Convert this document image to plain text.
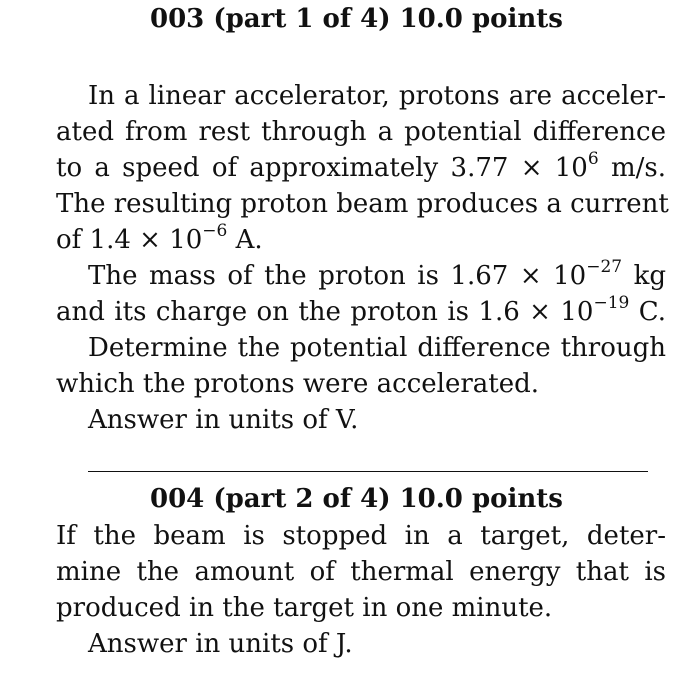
003 (part 1 of 4) 10.0 points
In a linear accelerator, protons are acceler-
ated from rest through a potential difference
to a speed of approximately $3.77 \times 10^6$ m/s.
The resulting proton beam produces a current
of $1.4 \times 10^{-6}$ A.
The mass of the proton is $1.67 \times 10^{-27}$ kg
and its charge on the proton is $1.6 \times 10^{-19}$ C.
Determine the potential difference through
which the protons were accelerated.
Answer in units of V.
004 (part 2 of 4) 10.0 points
If the beam is stopped in a target, deter-
mine the amount of thermal energy that is
produced in the target in one minute.
Answer in units of J.
